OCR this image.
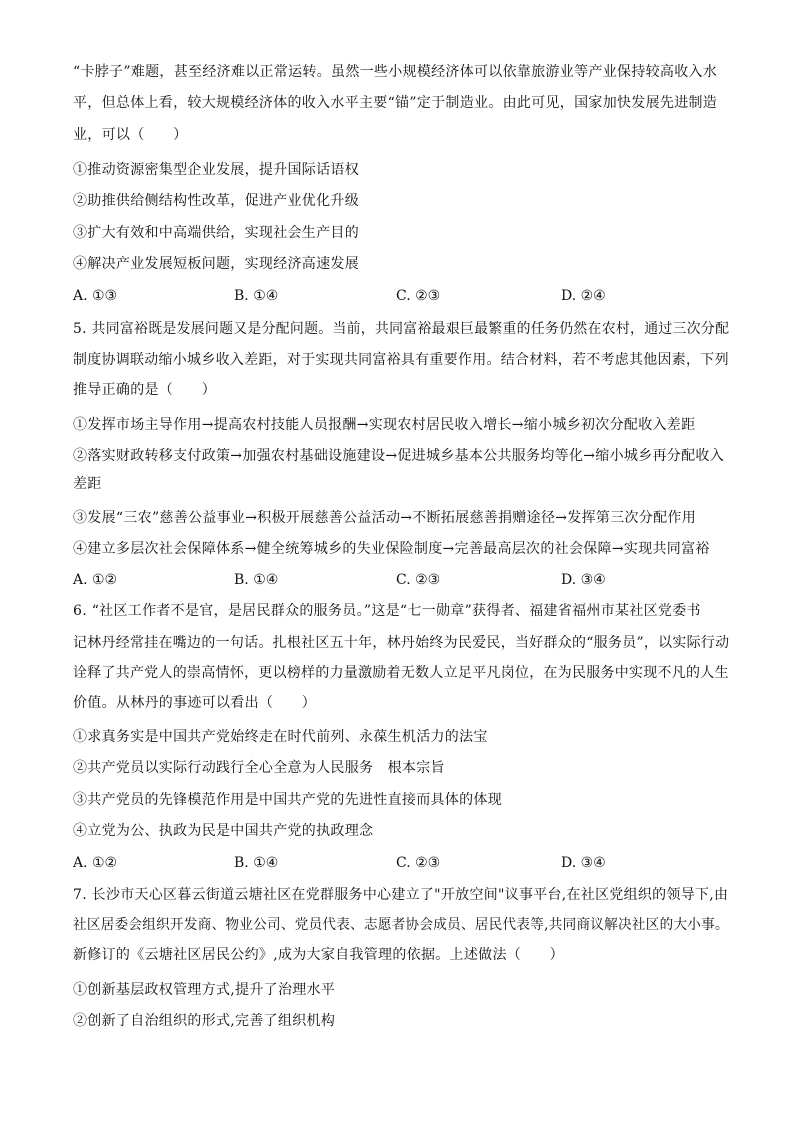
“卡脖子”难题，甚至经济难以正常运转。虽然一些小规模经济体可以依靠旅游业等产业保持较高收入水
平，但总体上看，较大规模经济体的收入水平主要“锚”定于制造业。由此可见，国家加快发展先进制造
业，可以（　　）
①推动资源密集型企业发展，提升国际话语权
②助推供给侧结构性改革，促进产业优化升级
③扩大有效和中高端供给，实现社会生产目的
④解决产业发展短板问题，实现经济高速发展
A. ①③	B. ①④	C. ②③	D. ②④
5. 共同富裕既是发展问题又是分配问题。当前，共同富裕最艰巨最繁重的任务仍然在农村，通过三次分配
制度协调联动缩小城乡收入差距，对于实现共同富裕具有重要作用。结合材料，若不考虑其他因素，下列
推导正确的是（　　）
①发挥市场主导作用→提高农村技能人员报酬→实现农村居民收入增长→缩小城乡初次分配收入差距
②落实财政转移支付政策→加强农村基础设施建设→促进城乡基本公共服务均等化→缩小城乡再分配收入
差距
③发展“三农”慈善公益事业→积极开展慈善公益活动→不断拓展慈善捐赠途径→发挥第三次分配作用
④建立多层次社会保障体系→健全统筹城乡的失业保险制度→完善最高层次的社会保障→实现共同富裕
A. ①②	B. ①④	C. ②③	D. ③④
6. “社区工作者不是官，是居民群众的服务员。”这是“七一勋章”获得者、福建省福州市某社区党委书
记林丹经常挂在嘴边的一句话。扎根社区五十年，林丹始终为民爱民，当好群众的“服务员”，以实际行动
诠释了共产党人的崇高情怀，更以榜样的力量激励着无数人立足平凡岗位，在为民服务中实现不凡的人生
价值。从林丹的事迹可以看出（　　）
①求真务实是中国共产党始终走在时代前列、永葆生机活力的法宝
②共产党员以实际行动践行全心全意为人民服务　根本宗旨
③共产党员的先锋模范作用是中国共产党的先进性直接而具体的体现
④立党为公、执政为民是中国共产党的执政理念
A. ①②	B. ①④	C. ②③	D. ③④
7. 长沙市天心区暮云街道云塘社区在党群服务中心建立了"开放空间"议事平台,在社区党组织的领导下,由
社区居委会组织开发商、物业公司、党员代表、志愿者协会成员、居民代表等,共同商议解决社区的大小事。
新修订的《云塘社区居民公约》,成为大家自我管理的依据。上述做法（　　）
①创新基层政权管理方式,提升了治理水平
②创新了自治组织的形式,完善了组织机构
